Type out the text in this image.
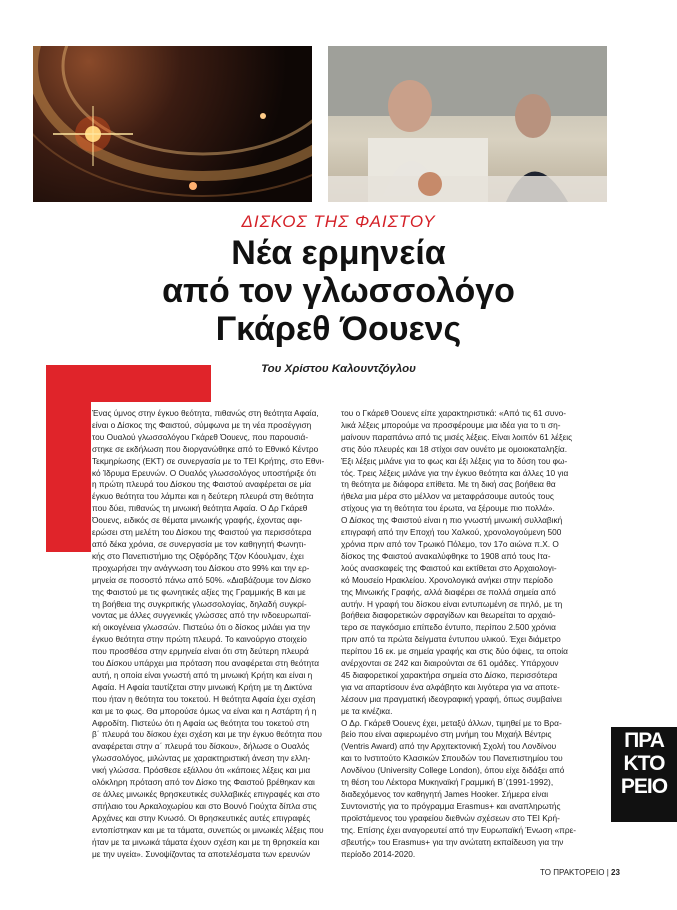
ΔΙΣΚΟΣ ΤΗΣ ΦΑΙΣΤΟΥ
Νέα ερμηνεία
από τον γλωσσολόγο
Γκάρεθ Όουενς
Του Χρίστου Καλουντζόγλου
Ένας ύμνος στην έγκυο θεότητα, πιθανώς στη θεότητα Αφαία,
είναι ο Δίσκος της Φαιστού, σύμφωνα με τη νέα προσέγγιση
του Ουαλού γλωσσολόγου Γκάρεθ Όουενς, που παρουσιά-
στηκε σε εκδήλωση που διοργανώθηκε από το Εθνικό Κέντρο
Τεκμηρίωσης (ΕΚΤ) σε συνεργασία με το ΤΕΙ Κρήτης, στο Εθνι-
κό Ίδρυμα Ερευνών. Ο Ουαλός γλωσσολόγος υποστήριξε ότι
η πρώτη πλευρά του Δίσκου της Φαιστού αναφέρεται σε μία
έγκυο θεότητα του λάμπει και η δεύτερη πλευρά στη θεότητα
που δύει, πιθανώς τη μινωική θεότητα Αφαία. Ο Δρ Γκάρεθ
Όουενς, ειδικός σε θέματα μινωικής γραφής, έχοντας αφι-
ερώσει στη μελέτη του Δίσκου της Φαιστού για περισσότερα
από δέκα χρόνια, σε συνεργασία με τον καθηγητή Φωνητι-
κής στο Πανεπιστήμιο της Οξφόρδης Τζον Κόουλμαν, έχει
προχωρήσει την ανάγνωση του Δίσκου στο 99% και την ερ-
μηνεία σε ποσοστό πάνω από 50%. «Διαβάζουμε τον Δίσκο
της Φαιστού με τις φωνητικές αξίες της Γραμμικής Β και με
τη βοήθεια της συγκριτικής γλωσσολογίας, δηλαδή συγκρί-
νοντας με άλλες συγγενικές γλώσσες από την ινδοευρωπαϊ-
κή οικογένεια γλωσσών. Πιστεύω ότι ο δίσκος μιλάει για την
έγκυο θεότητα στην πρώτη πλευρά. Το καινούργιο στοιχείο
που προσθέσα στην ερμηνεία είναι ότι στη δεύτερη πλευρά
του Δίσκου υπάρχει μια πρόταση που αναφέρεται στη θεότητα
αυτή, η οποία είναι γνωστή από τη μινωική Κρήτη και είναι η
Αφαία. Η Αφαία ταυτίζεται στην μινωική Κρήτη με τη Δικτύνα
που ήταν η θεότητα του τοκετού. Η θεότητα Αφαία έχει σχέση
και με το φως. Θα μπορούσε όμως να είναι και η Αστάρτη ή η
Αφροδίτη. Πιστεύω ότι η Αφαία ως θεότητα του τοκετού στη
β΄ πλευρά του δίσκου έχει σχέση και με την έγκυο θεότητα που
αναφέρεται στην α΄ πλευρά του δίσκου», δήλωσε ο Ουαλός
γλωσσολόγος, μιλώντας με χαρακτηριστική άνεση την ελλη-
νική γλώσσα. Πρόσθεσε εξάλλου ότι «κάποιες λέξεις και μια
ολόκληρη πρόταση από τον Δίσκο της Φαιστού βρέθηκαν και
σε άλλες μινωικές θρησκευτικές συλλαβικές επιγραφές και στο
σπήλαιο του Αρκαλοχωρίου και στο Βουνό Γιούχτα δίπλα στις
Αρχάνες και στην Κνωσό. Οι θρησκευτικές αυτές επιγραφές
εντοπίστηκαν και με τα τάματα, συνεπώς οι μινωικές λέξεις που
ήταν με τα μινωικά τάματα έχουν σχέση και με τη θρησκεία και
με την υγεία». Συνοψίζοντας τα αποτελέσματα των ερευνών
του ο Γκάρεθ Όουενς είπε χαρακτηριστικά: «Από τις 61 συνο-
λικά λέξεις μπορούμε να προσφέρουμε μια ιδέα για το τι ση-
μαίνουν παραπάνω από τις μισές λέξεις. Είναι λοιπόν 61 λέξεις
στις δύο πλευρές και 18 στίχοι σαν ουνέτο με ομοιοκαταληξία.
Έξι λέξεις μιλάνε για το φως και έξι λέξεις για το δύση του φω-
τός. Τρεις λέξεις μιλάνε για την έγκυο θεότητα και άλλες 10 για
τη θεότητα με διάφορα επίθετα. Με τη δική σας βοήθεια θα
ήθελα μια μέρα στο μέλλον να μεταφράσουμε αυτούς τους
στίχους για τη θεότητα του έρωτα, να ξέρουμε πιο πολλά».
Ο Δίσκος της Φαιστού είναι η πιο γνωστή μινωική συλλαβική
επιγραφή από την Εποχή του Χαλκού, χρονολογούμενη 500
χρόνια πριν από τον Τρωικό Πόλεμο, τον 17ο αιώνα π.Χ. Ο
δίσκος της Φαιστού ανακαλύφθηκε το 1908 από τους Ιτα-
λούς ανασκαφείς της Φαιστού και εκτίθεται στο Αρχαιολογι-
κό Μουσείο Ηρακλείου. Χρονολογικά ανήκει στην περίοδο
της Μινωικής Γραφής, αλλά διαφέρει σε πολλά σημεία από
αυτήν. Η γραφή του δίσκου είναι εντυπωμένη σε πηλό, με τη
βοήθεια διαφορετικών σφραγίδων και θεωρείται το αρχαιό-
τερο σε παγκόσμιο επίπεδο έντυπο, περίπου 2.500 χρόνια
πριν από τα πρώτα δείγματα έντυπου υλικού. Έχει διάμετρο
περίπου 16 εκ. με σημεία γραφής και στις δύο όψεις, τα οποία
ανέρχονται σε 242 και διαιρούνται σε 61 ομάδες. Υπάρχουν
45 διαφορετικοί χαρακτήρα σημεία στο Δίσκο, περισσότερα
για να απαρτίσουν ένα αλφάβητο και λιγότερα για να αποτε-
λέσουν μια πραγματική ιδεογραφική γραφή, όπως συμβαίνει
με τα κινέζικα.
Ο Δρ. Γκάρεθ Όουενς έχει, μεταξύ άλλων, τιμηθεί με το Βρα-
βείο που είναι αφιερωμένο στη μνήμη του Μιχαήλ Βέντρις
(Ventris Award) από την Αρχιτεκτονική Σχολή του Λονδίνου
και το Ινστιτούτο Κλασικών Σπουδών του Πανεπιστημίου του
Λονδίνου (University College London), όπου είχε διδάξει από
τη θέση του Λέκτορα Μυκηναϊκή Γραμμική Β΄(1991-1992),
διαδεχόμενος τον καθηγητή James Hooker. Σήμερα είναι
Συντονιστής για το πρόγραμμα Erasmus+ και αναπληρωτής
προϊστάμενος του γραφείου διεθνών σχέσεων στο ΤΕΙ Κρή-
της. Επίσης έχει αναγορευτεί από την Ευρωπαϊκή Ένωση «πρε-
σβευτής» του Erasmus+ για την ανώτατη εκπαίδευση για την
περίοδο 2014-2020.
ΠΡΑ
ΚΤΟ
ΡΕΙΟ
ΤΟ ΠΡΑΚΤΟΡΕΙΟ | 23
